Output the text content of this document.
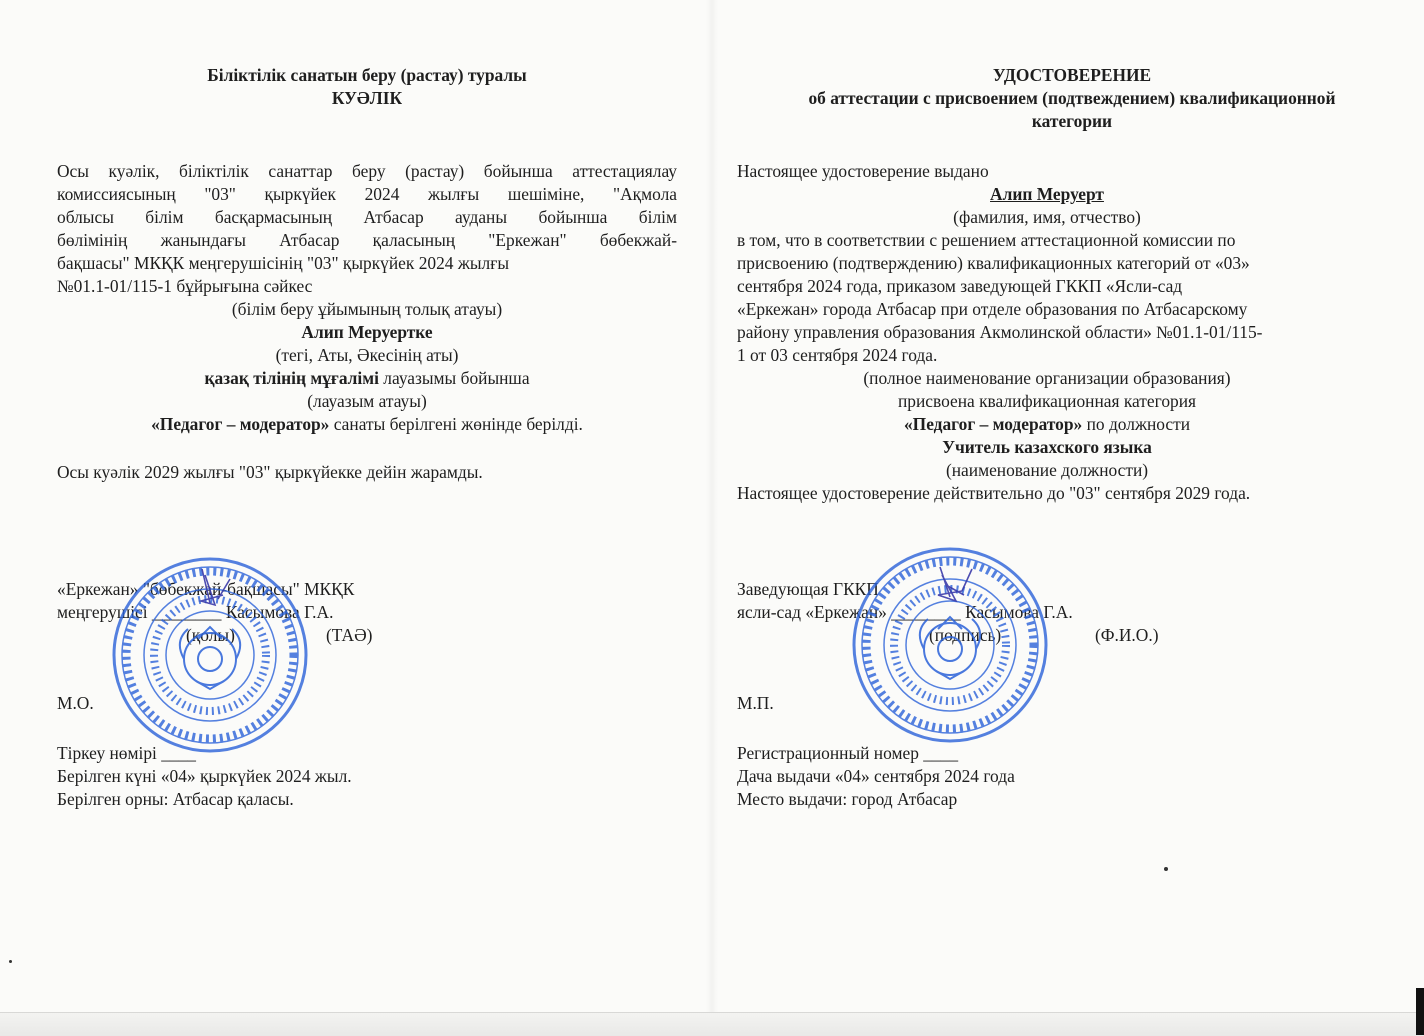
Біліктілік санатын беру (растау) туралы
КУӘЛІК
Осы куәлік, біліктілік санаттар беру (растау) бойынша аттестациялау
комиссиясының "03" қыркүйек 2024 жылғы шешіміне, "Ақмола
облысы білім басқармасының Атбасар ауданы бойынша білім
бөлімінің жанындағы Атбасар қаласының "Еркежан" бөбекжай-
бақшасы" МКҚК меңгерушісінің "03" қыркүйек 2024 жылғы
№01.1-01/115-1 бұйрығына сәйкес
(білім беру ұйымының толық атауы)
Алип Меруертке
(тегі, Аты, Әкесінің аты)
қазақ тілінің мұғалімі лауазымы бойынша
(лауазым атауы)
«Педагог – модератор» санаты берілгені жөнінде берілді.
Осы куәлік 2029 жылғы "03" қыркүйекке дейін жарамды.
«Еркежан» "бөбекжай-бақшасы" МКҚК
меңгерушісі ________ Касымова Г.А.
(қолы)	(ТАӘ)
М.О.
Тіркеу нөмірі ____
Берілген күні «04» қыркүйек 2024 жыл.
Берілген орны: Атбасар қаласы.
УДОСТОВЕРЕНИЕ
об аттестации с присвоением (подтвеждением) квалификационной
категории
Настоящее удостоверение выдано
Алип Меруерт
(фамилия, имя, отчество)
в том, что в соответствии с решением аттестационной комиссии по
присвоению (подтверждению) квалификационных категорий от «03»
сентября 2024 года, приказом заведующей ГККП «Ясли-сад
«Еркежан» города Атбасар при отделе образования по Атбасарскому
району управления образования Акмолинской области» №01.1-01/115-
1 от 03 сентября 2024 года.
(полное наименование организации образования)
присвоена квалификационная категория
«Педагог – модератор» по должности
Учитель казахского языка
(наименование должности)
Настоящее удостоверение действительно до "03" сентября 2029 года.
Заведующая ГККП
ясли-сад «Еркежан» ________ Касымова Г.А.
(подпись)	(Ф.И.О.)
М.П.
Регистрационный номер ____
Дача выдачи «04» сентября 2024 года
Место выдачи: город Атбасар
